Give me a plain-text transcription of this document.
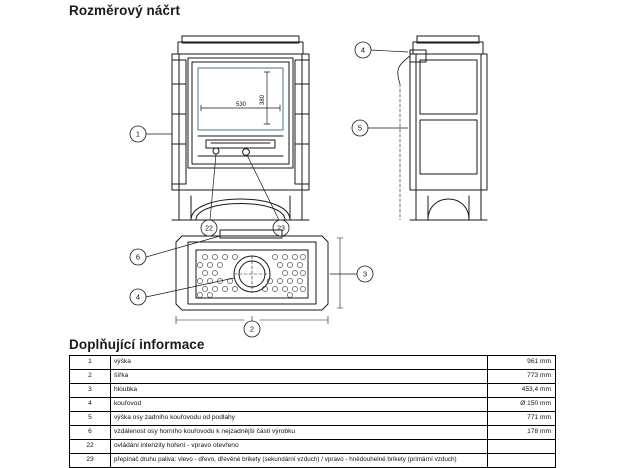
Rozměrový náčrt
530 380
1
22	23
4
5
6
4
3
2
Doplňující informace
1	výška	961 mm
2	šířka	773 mm
3	hloubka	453,4 mm
4	kouřovod	Ø 150 mm
5	výška osy zadního kouřovodu od podlahy	771 mm
6	vzdálenost osy horního kouřovodu k nejzadnější části výrobku	178 mm
22	ovládání intenzity hoření - vpravo otevřeno	
23	přepínač druhu paliva: vlevo - dřevo, dřevěné brikety (sekundární vzduch) / vpravo - hnědouhelné brikety (primární vzduch)	
